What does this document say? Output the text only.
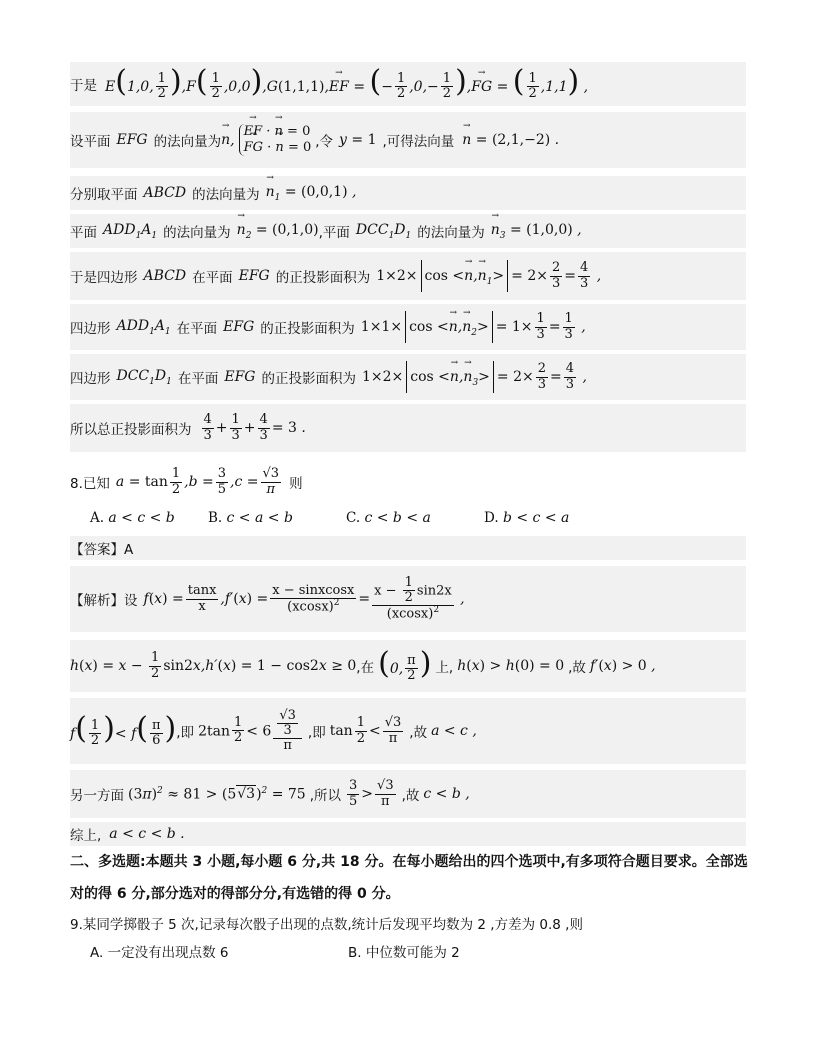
于是 E(1,0, $\frac{1}{2} ),F( \frac{1}{2} ,0,0),G(1,1,1),\to$ EF = (− $\frac{1}{2} ,0,- \frac{1}{2}$ ),→ FG = ( $\frac{1}{2} ,1,1$) ,
设平面 EFG 的法向量为 → n,
→ EF · → n = 0
→ FG · → n = 0 ,令 y = 1 ,可得法向量 → n = (2,1,−2) .
分别取平面 ABCD 的法向量为 → $n_1 = (0,0,1)$ ,
平面 $ADD_1A_1$ 的法向量为 → $n_2 = (0,1,0)$ ,平面 $DCC_1D_1$ 的法向量为 → $n_3 = (1,0,0)$ ,
于是四边形 ABCD 在平面 EFG 的正投影面积为 $1\times 2\times \cos <\to n,\to n_1> = 2\times \frac{2}{3} = \frac{4}{3}$ ,
四边形 $ADD_1A_1$ 在平面 EFG 的正投影面积为 $1\times 1\times \cos <\to n,\to n_2> = 1\times \frac{1}{3} = \frac{1}{3}$ ,
四边形 $DCC_1D_1$ 在平面 EFG 的正投影面积为 $1\times 2\times \cos <\to n,\to n_3> = 2\times \frac{2}{3} = \frac{4}{3}$ ,
所以总正投影面积为 $\frac{4}{3} + \frac{1}{3} + \frac{4}{3} = 3$ .
8.已知 $a = \tan \frac{1}{2} ,b = \frac{3}{5} ,c = \frac{√3}{\pi}$ 则
A. a < c < b	B. c < a < b	C. c < b < a	D. b < c < a
【答案】A
【解析】设 $f(x) = \frac{\tan x}{x} ,f'(x) = \frac{\text{x − sinxcosx}}{(xcosx)^2} = \frac{x - \frac{1}{2} \sin 2x}{(xcosx)^2}$ ,
$h(x) = x - \frac{1}{2} \sin 2x,h'(x) = 1 - \cos 2x \ge 0$ ,在 (0, $\frac{\pi}{2}$ ) 上, h(x) > h(0) = 0 ,故 f′(x) > 0 ,
$f( \frac{1}{2}$ )< $f( \frac{\pi}{6}$ ) ,即 $2\tan \frac{1}{2} < 6 \frac{\frac{√3}{3}}{\pi}$ ,即 $\tan \frac{1}{2} < \frac{√3}{\pi}$ ,故 a < c ,
另一方面 $(3\pi)^2 \approx 81 > (5√3)^2 = 75$ ,所以 $\frac{3}{5} > \frac{√3}{\pi}$ ,故 c < b ,
综上, a < c < b .
二、多选题:本题共 3 小题,每小题 6 分,共 18 分。在每小题给出的四个选项中,有多项符合题目要求。全部选对的得 6 分,部分选对的得部分分,有选错的得 0 分。
9.某同学掷骰子 5 次,记录每次骰子出现的点数,统计后发现平均数为 2 ,方差为 0.8 ,则
A. 一定没有出现点数 6	B. 中位数可能为 2
